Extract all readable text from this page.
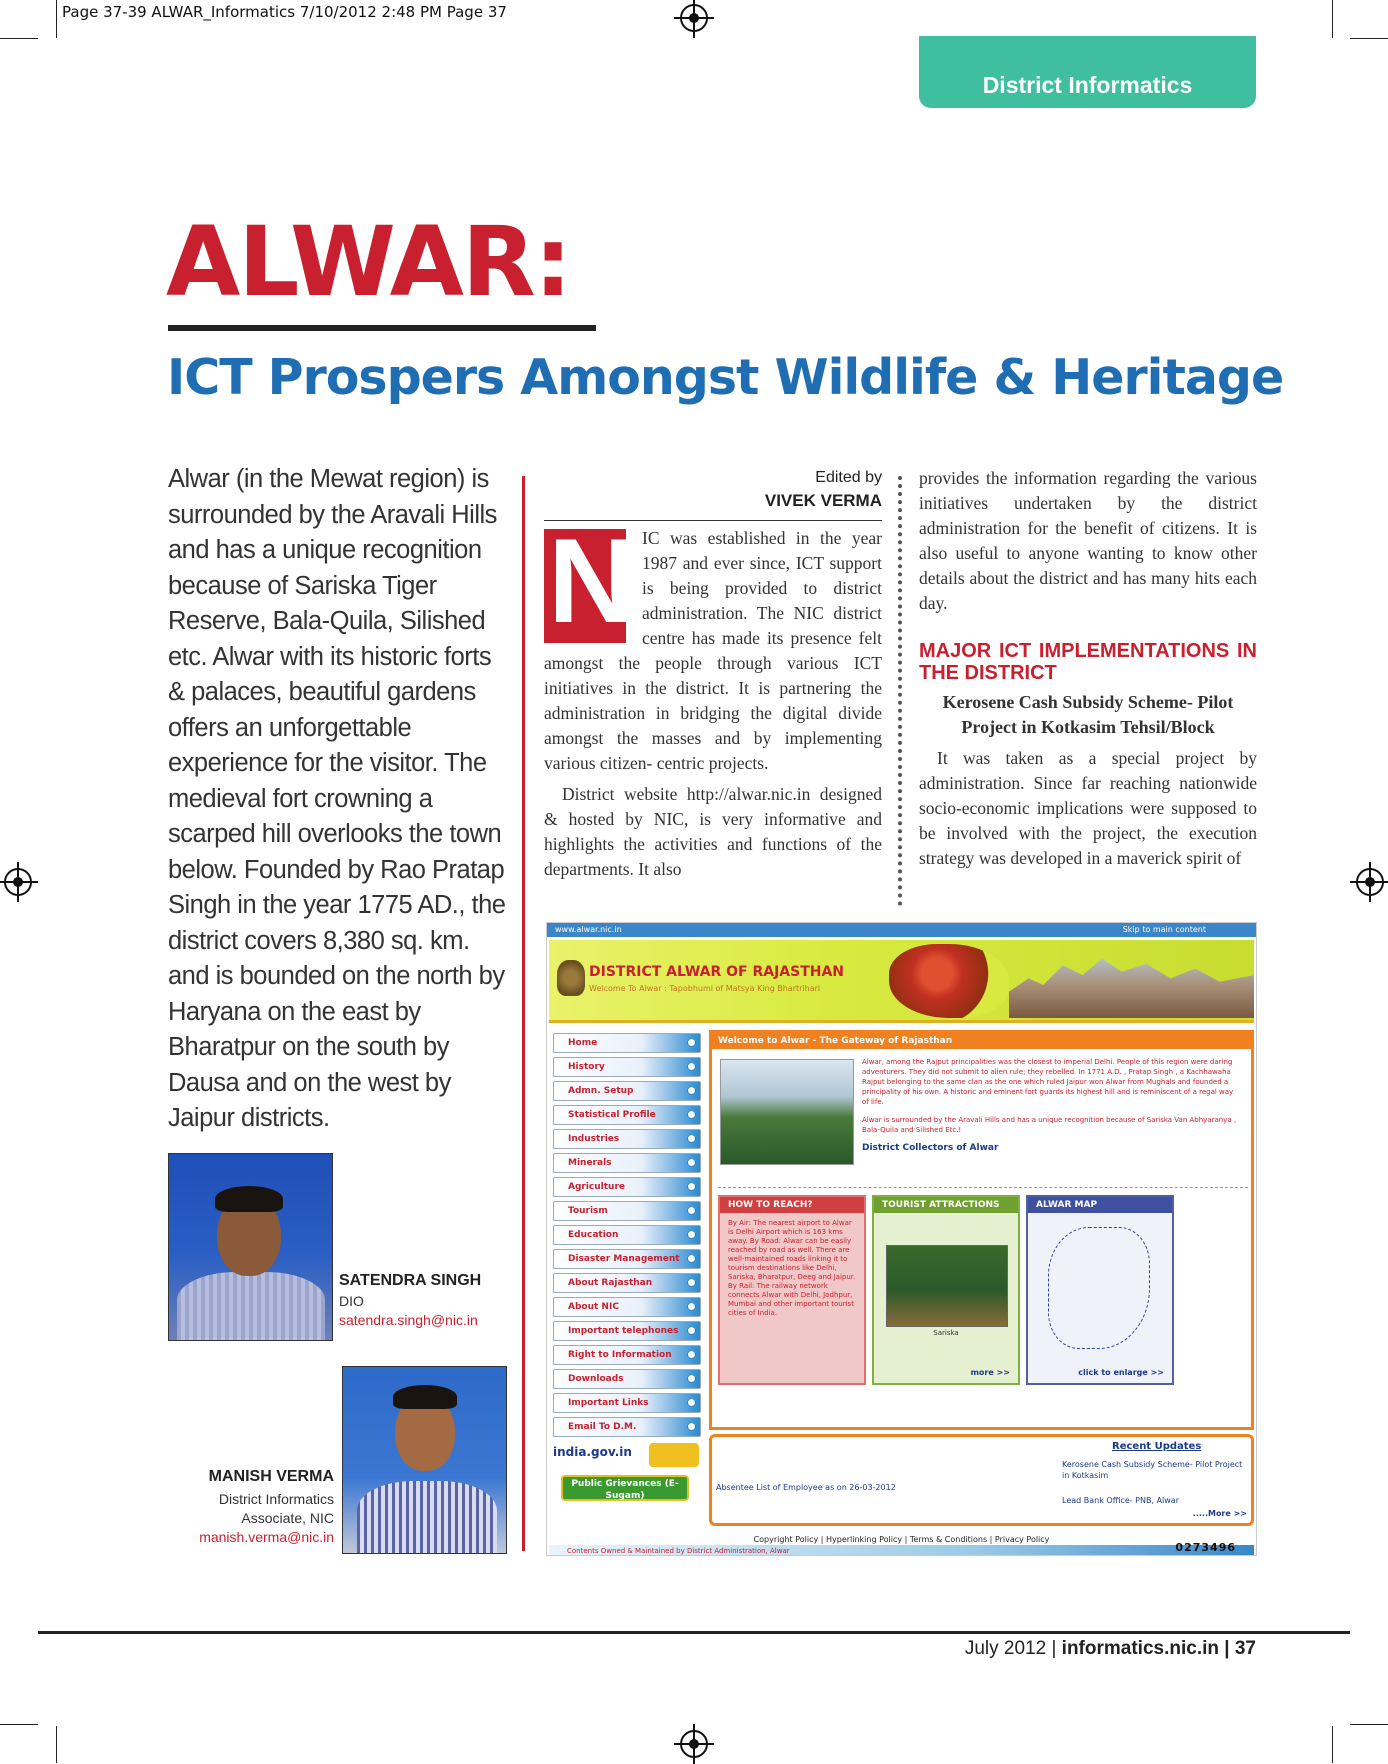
Page 37-39 ALWAR_Informatics 7/10/2012 2:48 PM Page 37
District Informatics
ALWAR:
ICT Prospers Amongst Wildlife & Heritage
Alwar (in the Mewat region) is surrounded by the Aravali Hills and has a unique recognition because of Sariska Tiger Reserve, Bala-Quila, Silished etc. Alwar with its historic forts & palaces, beautiful gardens offers an unforgettable experience for the visitor. The medieval fort crowning a scarped hill overlooks the town below. Founded by Rao Pratap Singh in the year 1775 AD., the district covers 8,380 sq. km. and is bounded on the north by Haryana on the east by Bharatpur on the south by Dausa and on the west by Jaipur districts.
SATENDRA SINGH
DIO
satendra.singh@nic.in
MANISH VERMA
District Informatics
Associate, NIC
manish.verma@nic.in
Edited by
VIVEK VERMA
N IC was established in the year 1987 and ever since, ICT support is being provided to district administration. The NIC district centre has made its presence felt amongst the people through various ICT initiatives in the district. It is partnering the administration in bridging the digital divide amongst the masses and by implementing various citizen- centric projects.

District website http://alwar.nic.in designed & hosted by NIC, is very informative and highlights the activities and functions of the departments. It also

provides the information regarding the various initiatives undertaken by the district administration for the benefit of citizens. It is also useful to anyone wanting to know other details about the district and has many hits each day.

MAJOR ICT IMPLEMENTATIONS IN THE DISTRICT

Kerosene Cash Subsidy Scheme- Pilot Project in Kotkasim Tehsil/Block

It was taken as a special project by administration. Since far reaching nationwide socio-economic implications were supposed to be involved with the project, the execution strategy was developed in a maverick spirit of

www.alwar.nic.in	Skip to main content
DISTRICT ALWAR OF RAJASTHAN
Welcome To Alwar : Tapobhumi of Matsya King Bhartrihari
Home
History
Admn. Setup
Statistical Profile
Industries
Minerals
Agriculture
Tourism
Education
Disaster Management
About Rajasthan
About NIC
Important telephones
Right to Information
Downloads
Important Links
Email To D.M.
india.gov.in
Public Grievances (E-Sugam)
Welcome to Alwar - The Gateway of Rajasthan
Alwar, among the Rajput principalities was the closest to imperial Delhi. People of this region were daring adventurers. They did not submit to alien rule; they rebelled. In 1771 A.D. , Pratap Singh , a Kachhawaha Rajput belonging to the same clan as the one which ruled Jaipur won Alwar from Mughals and founded a principality of his own. A historic and eminent fort guards its highest hill and is reminiscent of a regal way of life.
Alwar is surrounded by the Aravali Hills and has a unique recognition because of Sariska Van Abhyaranya , Bala-Quila and Silished Etc.!
District Collectors of Alwar
HOW TO REACH?
By Air: The nearest airport to Alwar is Delhi Airport which is 163 kms away. By Road: Alwar can be easily reached by road as well. There are well-maintained roads linking it to tourism destinations like Delhi, Sariska, Bharatpur, Deeg and Jaipur. By Rail: The railway network connects Alwar with Delhi, Jodhpur, Mumbai and other important tourist cities of India.
TOURIST ATTRACTIONS
Sariska
more >>
ALWAR MAP
click to enlarge >>
Recent Updates
Absentee List of Employee as on 26-03-2012
Kerosene Cash Subsidy Scheme- Pilot Project in Kotkasim
Lead Bank Office- PNB, Alwar
.....More >>
Copyright Policy | Hyperlinking Policy | Terms & Conditions | Privacy Policy
Contents Owned & Maintained by District Administration, Alwar	0273496
July 2012 | informatics.nic.in | 37
